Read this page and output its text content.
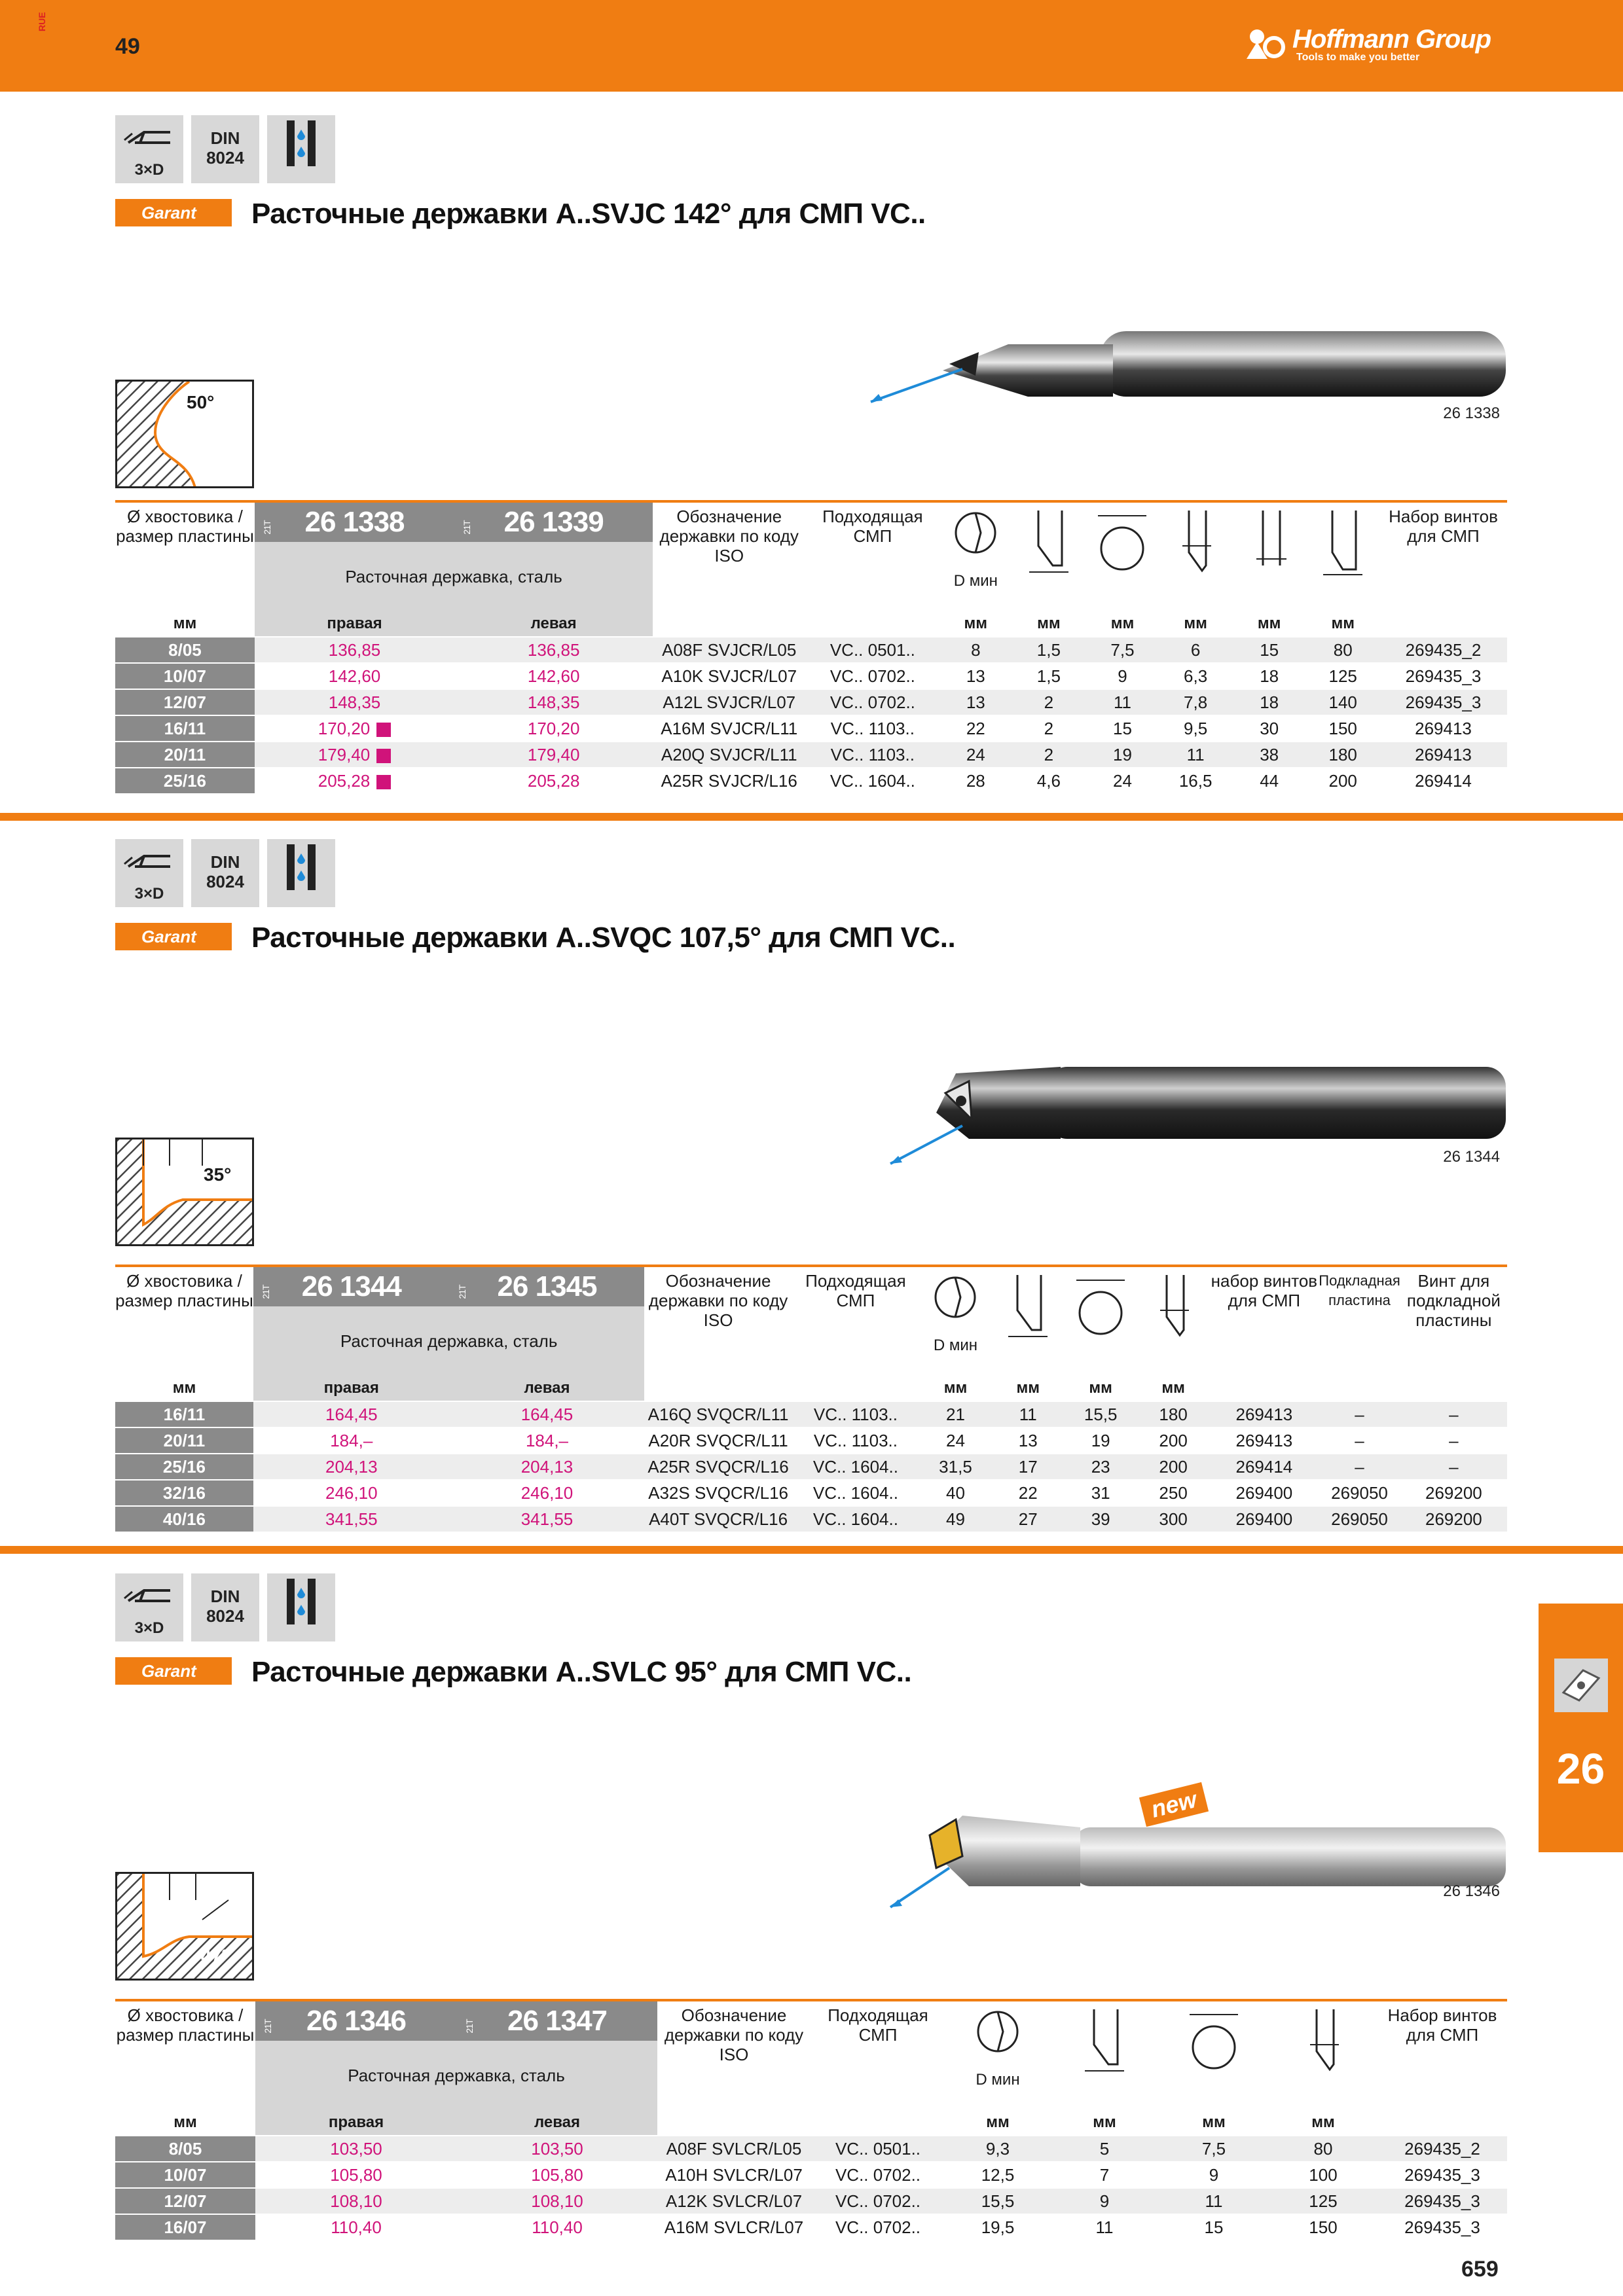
RUE
49	Hoffmann Group
Tools to make you better
3×D
DIN
8024
Garant	Расточные державки A..SVJC 142° для СМП VC..
26 1338
50°
Ø хвостовика / размер пластины	21T 26 1338	21T 26 1339	Обозначение державки по коду ISO	Подходящая СМП	D мин						Набор винтов для СМП
	Расточная державка, сталь										
мм	правая	левая			мм	мм	мм	мм	мм	мм	
8/05	136,85	136,85	A08F SVJCR/L05	VC.. 0501..	8	1,5	7,5	6	15	80	269435_2
10/07	142,60	142,60	A10K SVJCR/L07	VC.. 0702..	13	1,5	9	6,3	18	125	269435_3
12/07	148,35	148,35	A12L SVJCR/L07	VC.. 0702..	13	2	11	7,8	18	140	269435_3
16/11	170,20	170,20	A16M SVJCR/L11	VC.. 1103..	22	2	15	9,5	30	150	269413
20/11	179,40	179,40	A20Q SVJCR/L11	VC.. 1103..	24	2	19	11	38	180	269413
25/16	205,28	205,28	A25R SVJCR/L16	VC.. 1604..	28	4,6	24	16,5	44	200	269414
3×D
DIN
8024
Garant	Расточные державки A..SVQC 107,5° для СМП VC..
26 1344
35°
Ø хвостовика / размер пластины	21T 26 1344	21T 26 1345	Обозначение державки по коду ISO	Подходящая СМП	D мин				набор винтов для СМП	Подкладная пластина	Винт для подкладной пластины
	Расточная державка, сталь										
мм	правая	левая			мм	мм	мм	мм			
16/11	164,45	164,45	A16Q SVQCR/L11	VC.. 1103..	21	11	15,5	180	269413	–	–
20/11	184,–	184,–	A20R SVQCR/L11	VC.. 1103..	24	13	19	200	269413	–	–
25/16	204,13	204,13	A25R SVQCR/L16	VC.. 1604..	31,5	17	23	200	269414	–	–
32/16	246,10	246,10	A32S SVQCR/L16	VC.. 1604..	40	22	31	250	269400	269050	269200
40/16	341,55	341,55	A40T SVQCR/L16	VC.. 1604..	49	27	39	300	269400	269050	269200
3×D
DIN
8024
Garant	Расточные державки A..SVLC 95° для СМП VC..
new
26 1346
47°
Ø хвостовика / размер пластины	21T 26 1346	21T 26 1347	Обозначение державки по коду ISO	Подходящая СМП	D мин				Набор винтов для СМП
	Расточная державка, сталь								
мм	правая	левая			мм	мм	мм	мм	
8/05	103,50	103,50	A08F SVLCR/L05	VC.. 0501..	9,3	5	7,5	80	269435_2
10/07	105,80	105,80	A10H SVLCR/L07	VC.. 0702..	12,5	7	9	100	269435_3
12/07	108,10	108,10	A12K SVLCR/L07	VC.. 0702..	15,5	9	11	125	269435_3
16/07	110,40	110,40	A16M SVLCR/L07	VC.. 0702..	19,5	11	15	150	269435_3
26
659
